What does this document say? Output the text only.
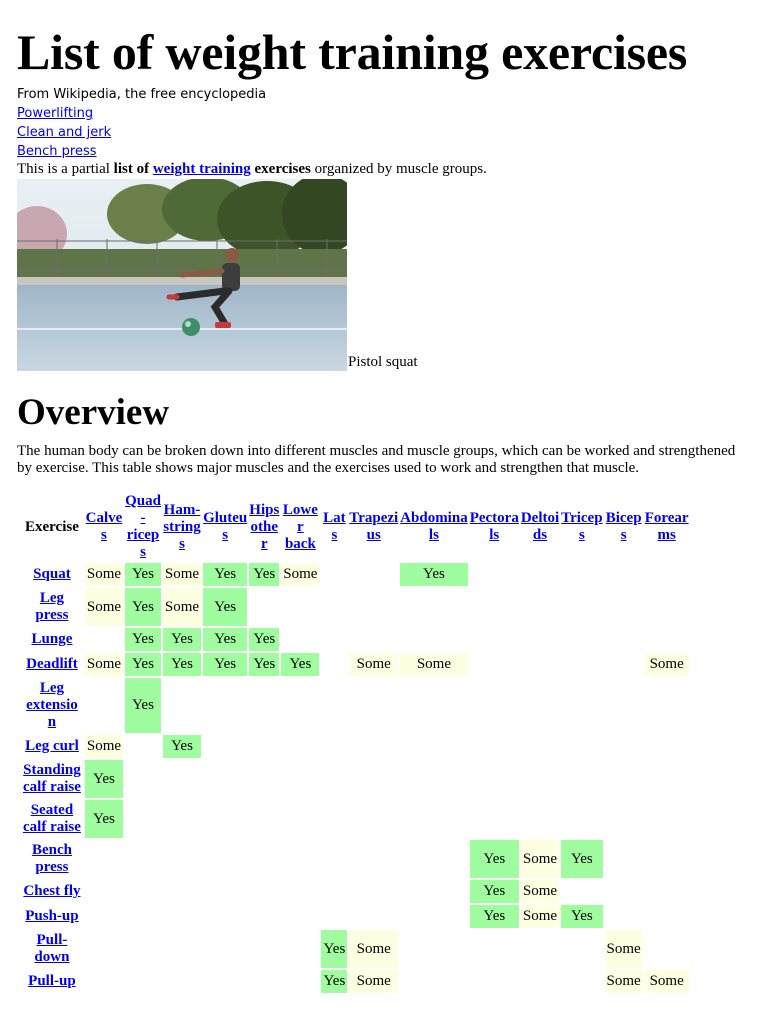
List of weight training exercises
From Wikipedia, the free encyclopedia
Powerlifting
Clean and jerk
Bench press

This is a partial list of weight training exercises organized by muscle groups.

Pistol squat
Overview

The human body can be broken down into different muscles and muscle groups, which can be worked and strengthened by exercise. This table shows major muscles and the exercises used to work and strengthen that muscle.

Exercise	Calve
s	Quad
-
ricep
s	Ham-
string
s	Gluteu
s	Hips
othe
r	Lowe
r
back	Lat
s	Trapezi
us	Abdomina
ls	Pectora
ls	Deltoi
ds	Tricep
s	Bicep
s	Forear
ms
Squat	Some	Yes	Some	Yes	Yes	Some			Yes					
Leg
press	Some	Yes	Some	Yes										
Lunge		Yes	Yes	Yes	Yes									
Deadlift	Some	Yes	Yes	Yes	Yes	Yes		Some	Some					Some
Leg
extensio
n		Yes												
Leg curl	Some		Yes											
Standing
calf raise	Yes													
Seated
calf raise	Yes													
Bench
press										Yes	Some	Yes		
Chest fly										Yes	Some			
Push-up										Yes	Some	Yes		
Pull-
down							Yes	Some					Some	
Pull-up							Yes	Some					Some	Some
